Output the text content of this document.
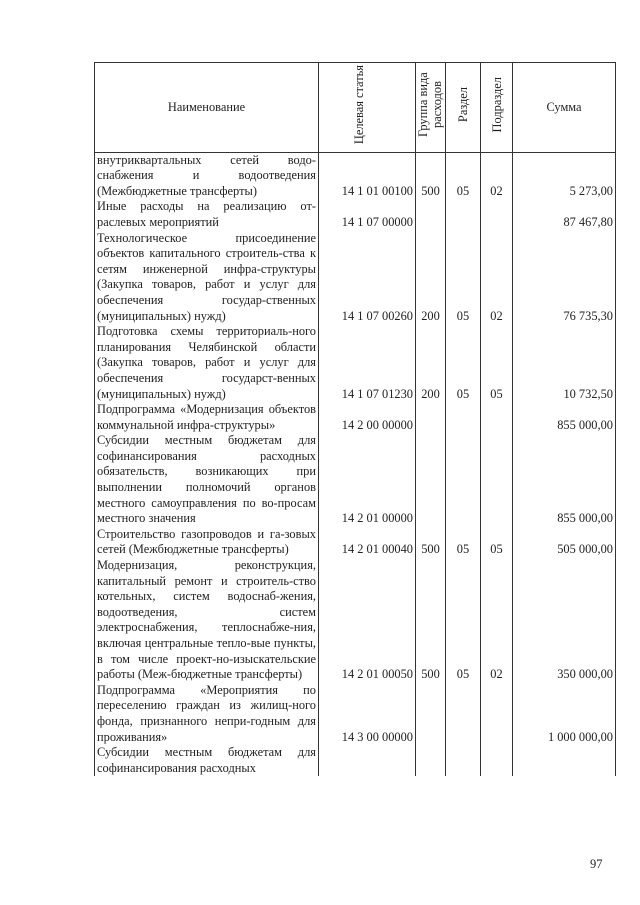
Наименование	Целевая статья	Группа вида расходов	Раздел	Подраздел	Сумма
внутриквартальных сетей водо-снабжения и водоотведения (Межбюджетные трансферты)	14 1 01 00100	500	05	02	5 273,00
Иные расходы на реализацию от-раслевых мероприятий	14 1 07 00000				87 467,80
Технологическое присоединение объектов капитального строитель-ства к сетям инженерной инфра-структуры (Закупка товаров, работ и услуг для обеспечения государ-ственных (муниципальных) нужд)	14 1 07 00260	200	05	02	76 735,30
Подготовка схемы территориаль-ного планирования Челябинской области (Закупка товаров, работ и услуг для обеспечения государст-венных (муниципальных) нужд)	14 1 07 01230	200	05	05	10 732,50
Подпрограмма «Модернизация объектов коммунальной инфра-структуры»	14 2 00 00000				855 000,00
Субсидии местным бюджетам для софинансирования расходных обязательств, возникающих при выполнении полномочий органов местного самоуправления по во-просам местного значения	14 2 01 00000				855 000,00
Строительство газопроводов и га-зовых сетей (Межбюджетные трансферты)	14 2 01 00040	500	05	05	505 000,00
Модернизация, реконструкция, капитальный ремонт и строитель-ство котельных, систем водоснаб-жения, водоотведения, систем электроснабжения, теплоснабже-ния, включая центральные тепло-вые пункты, в том числе проект-но-изыскательские работы (Меж-бюджетные трансферты)	14 2 01 00050	500	05	02	350 000,00
Подпрограмма «Мероприятия по переселению граждан из жилищ-ного фонда, признанного непри-годным для проживания»	14 3 00 00000				1 000 000,00
Субсидии местным бюджетам для софинансирования расходных					
97
